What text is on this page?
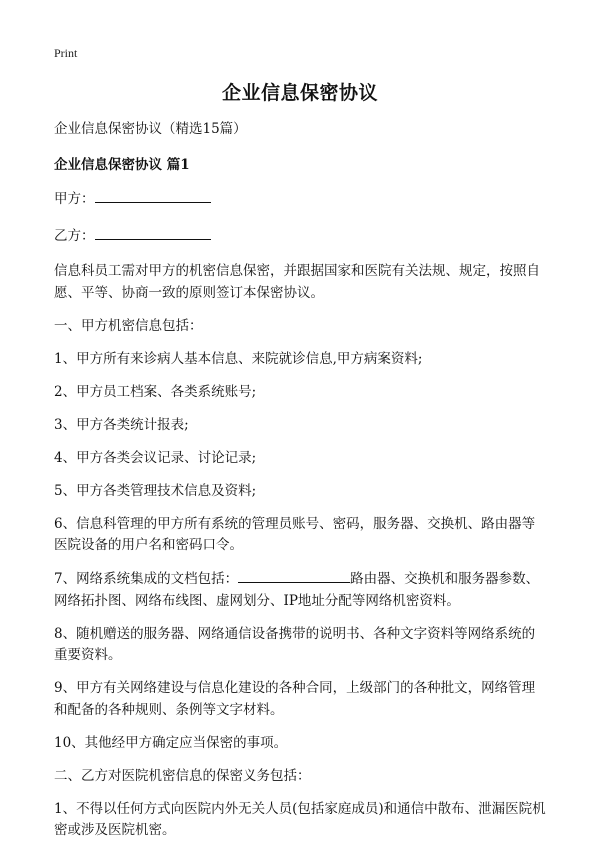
Print
企业信息保密协议

企业信息保密协议（精选15篇）

企业信息保密协议 篇1

甲方：

乙方：

信息科员工需对甲方的机密信息保密，并跟据国家和医院有关法规、规定，按照自愿、平等、协商一致的原则签订本保密协议。

一、甲方机密信息包括：

1、甲方所有来诊病人基本信息、来院就诊信息,甲方病案资料;

2、甲方员工档案、各类系统账号;

3、甲方各类统计报表;

4、甲方各类会议记录、讨论记录;

5、甲方各类管理技术信息及资料;

6、信息科管理的甲方所有系统的管理员账号、密码，服务器、交换机、路由器等医院设备的用户名和密码口令。

7、网络系统集成的文档包括：	路由器、交换机和服务器参数、网络拓扑图、网络布线图、虚网划分、IP地址分配等网络机密资料。

8、随机赠送的服务器、网络通信设备携带的说明书、各种文字资料等网络系统的重要资料。

9、甲方有关网络建设与信息化建设的各种合同，上级部门的各种批文，网络管理和配备的各种规则、条例等文字材料。

10、其他经甲方确定应当保密的事项。

二、乙方对医院机密信息的保密义务包括：

1、不得以任何方式向医院内外无关人员(包括家庭成员)和通信中散布、泄漏医院机密或涉及医院机密。
